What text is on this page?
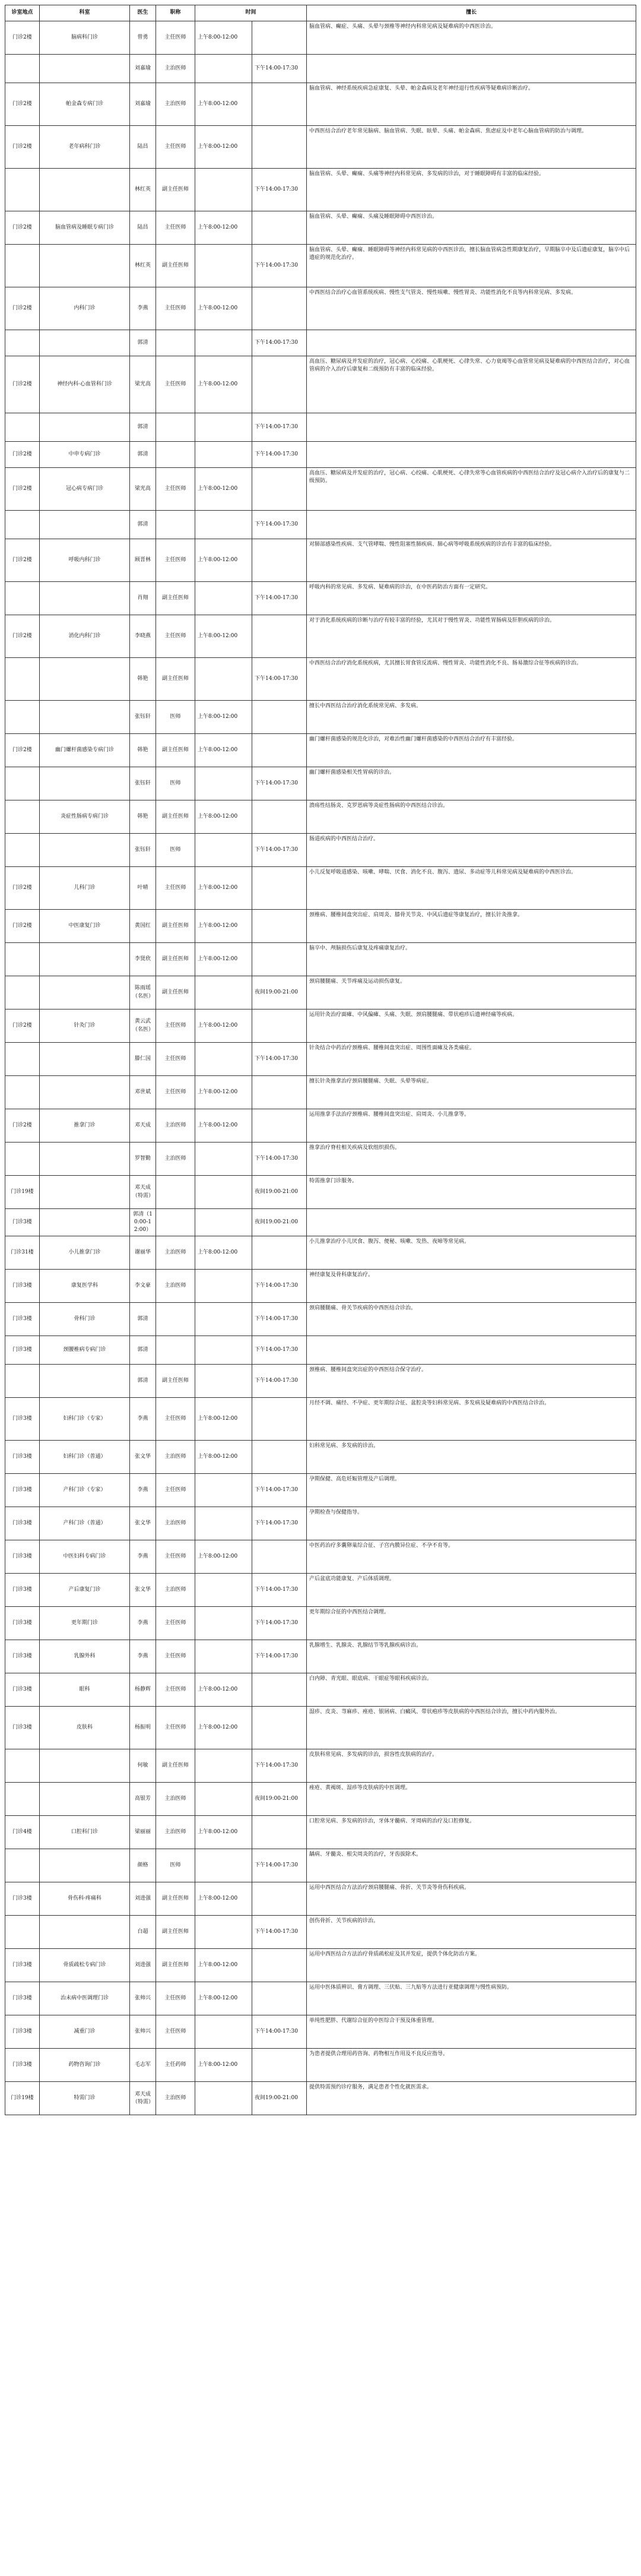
诊室地点	科室	医生	职称	时间		擅长
门诊2楼	脑病科门诊	曾勇	主任医师	上午8:00-12:00		脑血管病、癫症、头痛、头晕与颈椎等神经内科常见病及疑难病的中西医诊治。
		刘嘉瑜	主治医师		下午14:00-17:30	
门诊2楼	帕金森专病门诊	刘嘉瑜	主治医师	上午8:00-12:00		脑血管病、神经系统疾病急症康复、头晕、帕金森病及老年神经退行性疾病等疑难病诊断治疗。
门诊2楼	老年病科门诊	陆昌	主任医师	上午8:00-12:00		中西医结合治疗老年常见脑病、脑血管病、失眠、眩晕、头痛、帕金森病、焦虑症及中老年心脑血管病的防治与调理。
		林红英	副主任医师		下午14:00-17:30	脑血管病、头晕、癫痫、头痛等神经内科常见病、多发病的诊治，对于睡眠障碍有丰富的临床经验。
门诊2楼	脑血管病及睡眠专病门诊	陆昌	主任医师	上午8:00-12:00		脑血管病、头晕、癫痫、头痛及睡眠障碍中西医诊治。
		林红英	副主任医师		下午14:00-17:30	脑血管病、头晕、癫痫、睡眠障碍等神经内科常见病的中西医诊治，擅长脑血管病急性期康复治疗，早期脑卒中及后遗症康复，脑卒中后遗症的规范化治疗。
门诊2楼	内科门诊	李燕	主任医师	上午8:00-12:00		中西医结合治疗心血管系统疾病、慢性支气管炎、慢性咳嗽、慢性胃炎、功能性消化不良等内科常见病、多发病。
		郭清			下午14:00-17:30	
门诊2楼	神经内科·心血管科门诊	梁光高	主任医师	上午8:00-12:00		高血压、糖尿病及并发症的治疗，冠心病、心绞痛、心肌梗死、心律失常、心力衰竭等心血管常见病及疑难病的中西医结合治疗，对心血管病的介入治疗后康复和二级预防有丰富的临床经验。
		郭清			下午14:00-17:30	
门诊2楼	中申专病门诊	郭清			下午14:00-17:30	
门诊2楼	冠心病专病门诊	梁光高	主任医师	上午8:00-12:00		高血压、糖尿病及并发症的治疗，冠心病、心绞痛、心肌梗死、心律失常等心血管疾病的中西医结合治疗及冠心病介入治疗后的康复与二级预防。
		郭清			下午14:00-17:30	
门诊2楼	呼吸内科门诊	顾晋林	主任医师	上午8:00-12:00		对肺部感染性疾病、支气管哮喘、慢性阻塞性肺疾病、肺心病等呼吸系统疾病的诊治有丰富的临床经验。
		肖翔	副主任医师		下午14:00-17:30	呼吸内科的常见病、多发病、疑难病的诊治，在中医药防治方面有一定研究。
门诊2楼	消化内科门诊	李晓燕	主任医师	上午8:00-12:00		对于消化系统疾病的诊断与治疗有较丰富的经验，尤其对于慢性胃炎、功能性胃肠病及肝胆疾病的诊治。
		韩艳	副主任医师		下午14:00-17:30	中西医结合治疗消化系统疾病，尤其擅长胃食管反流病、慢性胃炎、功能性消化不良、肠易激综合征等疾病的诊治。
		张钰轩	医师	上午8:00-12:00		擅长中西医结合治疗消化系统常见病、多发病。
门诊2楼	幽门螺杆菌感染专病门诊	韩艳	副主任医师	上午8:00-12:00		幽门螺杆菌感染的规范化诊治，对难治性幽门螺杆菌感染的中西医结合治疗有丰富经验。
		张钰轩	医师		下午14:00-17:30	幽门螺杆菌感染相关性胃病的诊治。
	炎症性肠病专病门诊	韩艳	副主任医师	上午8:00-12:00		溃疡性结肠炎、克罗恩病等炎症性肠病的中西医结合诊治。
		张钰轩	医师		下午14:00-17:30	肠道疾病的中西医结合治疗。
门诊2楼	儿科门诊	叶晴	主任医师	上午8:00-12:00		小儿反复呼吸道感染、咳嗽、哮喘、厌食、消化不良、腹泻、遗尿、多动症等儿科常见病及疑难病的中西医诊治。
门诊2楼	中医康复门诊	黄国红	副主任医师	上午8:00-12:00		颈椎病、腰椎间盘突出症、肩周炎、膝骨关节炎、中风后遗症等康复治疗，擅长针灸推拿。
		李贤欣	副主任医师	上午8:00-12:00		脑卒中、颅脑损伤后康复及疼痛康复治疗。
		陈雨瑶（名医）	副主任医师		夜间19:00-21:00	颈肩腰腿痛、关节疼痛及运动损伤康复。
门诊2楼	针灸门诊	黄云武（名医）	主任医师	上午8:00-12:00		运用针灸治疗面瘫、中风偏瘫、头痛、失眠、颈肩腰腿痛、带状疱疹后遗神经痛等疾病。
		滕仁国	主任医师		下午14:00-17:30	针灸结合中药治疗颈椎病、腰椎间盘突出症、周围性面瘫及各类痛症。
		邓世斌	主任医师	上午8:00-12:00		擅长针灸推拿治疗颈肩腰腿痛、失眠、头晕等病症。
门诊2楼	推拿门诊	邓天成	主治医师	上午8:00-12:00		运用推拿手法治疗颈椎病、腰椎间盘突出症、肩周炎、小儿推拿等。
		罗智勤	主治医师		下午14:00-17:30	推拿治疗脊柱相关疾病及软组织损伤。
门诊19楼		邓天成（特需）			夜间19:00-21:00	特需推拿门诊服务。
门诊3楼		郭清（10:00-12:00）			夜间19:00-21:00	
门诊31楼	小儿推拿门诊	谢丽华	主治医师	上午8:00-12:00		小儿推拿治疗小儿厌食、腹泻、便秘、咳嗽、发热、夜啼等常见病。
门诊3楼	康复医学科	李文豪	主治医师		下午14:00-17:30	神经康复及骨科康复治疗。
门诊3楼	骨科门诊	郭清			下午14:00-17:30	颈肩腰腿痛、骨关节疾病的中西医结合诊治。
门诊3楼	颈腰椎病专病门诊	郭清			下午14:00-17:30	
		郭清	副主任医师		下午14:00-17:30	颈椎病、腰椎间盘突出症的中西医结合保守治疗。
门诊3楼	妇科门诊（专家）	李燕	主任医师	上午8:00-12:00		月经不调、痛经、不孕症、更年期综合征、盆腔炎等妇科常见病、多发病及疑难病的中西医结合诊治。
门诊3楼	妇科门诊（普通）	张文华	主治医师	上午8:00-12:00		妇科常见病、多发病的诊治。
门诊3楼	产科门诊（专家）	李燕	主任医师		下午14:00-17:30	孕期保健、高危妊娠管理及产后调理。
门诊3楼	产科门诊（普通）	张文华	主治医师		下午14:00-17:30	孕期检查与保健指导。
门诊3楼	中医妇科专病门诊	李燕	主任医师	上午8:00-12:00		中医药治疗多囊卵巢综合征、子宫内膜异位症、不孕不育等。
门诊3楼	产后康复门诊	张文华	主治医师		下午14:00-17:30	产后盆底功能康复、产后体质调理。
门诊3楼	更年期门诊	李燕	主任医师		下午14:00-17:30	更年期综合征的中西医结合调理。
门诊3楼	乳腺外科	李燕	主任医师		下午14:00-17:30	乳腺增生、乳腺炎、乳腺结节等乳腺疾病诊治。
门诊3楼	眼科	杨静辉	主任医师	上午8:00-12:00		白内障、青光眼、眼底病、干眼症等眼科疾病诊治。
门诊3楼	皮肤科	杨振明	主任医师	上午8:00-12:00		湿疹、皮炎、荨麻疹、痤疮、银屑病、白癜风、带状疱疹等皮肤病的中西医结合诊治，擅长中药内服外治。
		何敏	副主任医师		下午14:00-17:30	皮肤科常见病、多发病的诊治，损容性皮肤病的治疗。
		高银芳	主治医师		夜间19:00-21:00	痤疮、黄褐斑、湿疹等皮肤病的中医调理。
门诊4楼	口腔科门诊	梁丽丽	主治医师	上午8:00-12:00		口腔常见病、多发病的诊治，牙体牙髓病、牙周病的治疗及口腔修复。
		颜格	医师		下午14:00-17:30	龋病、牙髓炎、根尖周炎的治疗，牙齿拔除术。
门诊3楼	骨伤科·疼痛科	刘进强	副主任医师	上午8:00-12:00		运用中西医结合方法治疗颈肩腰腿痛、骨折、关节炎等骨伤科疾病。
		白超	副主任医师		下午14:00-17:30	创伤骨折、关节疾病的诊治。
门诊3楼	骨质疏松专病门诊	刘进强	副主任医师	上午8:00-12:00		运用中西医结合方法治疗骨质疏松症及其并发症，提供个体化防治方案。
门诊3楼	治未病中医调理门诊	张帅兴	主任医师	上午8:00-12:00		运用中医体质辨识、膏方调理、三伏贴、三九贴等方法进行亚健康调理与慢性病预防。
门诊3楼	减重门诊	张帅兴	主任医师		下午14:00-17:30	单纯性肥胖、代谢综合征的中医综合干预及体重管理。
门诊3楼	药物咨询门诊	毛志军	主任药师	上午8:00-12:00		为患者提供合理用药咨询、药物相互作用及不良反应指导。
门诊19楼	特需门诊	邓天成（特需）	主治医师		夜间19:00-21:00	提供特需预约诊疗服务，满足患者个性化就医需求。
